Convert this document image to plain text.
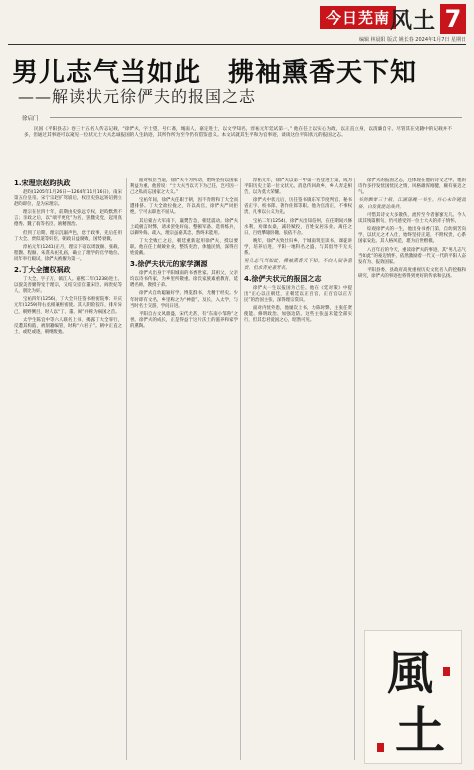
今日芜南 风土 7
编辑 林晨阳 版式 姚长春 2024年1月7日 星期日
男儿志气当如此　拂袖熏香天下知
——解读状元徐俨夫的报国之志
徐启门
民国《平阳县志》卷三十五名人传志记载，“徐俨夫，字士望，号仁斋，城南人，嘉定进士，以文学知名，淳祐元年廷试第一。” 他在任上以实心为政，以正直立身，以清廉自守。尽管其在史籍中的记载并不多，但通过其事迹可以窥见一位状元士大夫忠诚报国的人生轨迹，其所作所为至今仍有借鉴意义。本文试就其生平和为官事迹，谈谈这位平阳状元的报国之志。

1.宋理宗赵昀执政

赵昀(1205年1月26日—1264年11月16日)，南宋第五位皇帝。宋宁宗赵扩驾崩后，权臣史弥远矫诏拥立赵昀即位，是为宋理宗。

理宗在位四十年，前期由史弥远专权，赵昀默然不言；亲政之后，以“端平更化”为名，罢黜史党，起用真德秀、魏了翁等名臣，励精图治。

但到了后期，理宗沉溺声色，怠于政事，先后任用丁大全、贾似道等奸臣，朝政日益腐败，国势衰微。

淳祐元年(1241)正月，理宗下诏以周敦颐、张载、程颢、程颐、朱熹从祀孔庙，确立了理学的官学地位。同年举行殿试，徐俨夫被擢为第一。

2.丁大全擅权祸政

丁大全，字子万，镇江人。嘉熙二年(1238)进士。以貌美善媚得宠于理宗，又结交宦官董宋臣、阎贵妃等人，朋比为奸。

宝祐四年(1256)，丁大全升任签书枢密院事；开庆元年(1259)拜右丞相兼枢密使。其人阴险狡诈，排斥异己，朝野侧目，时人以“丁、董、阎”并称为祸国之首。

太学生陈宜中等六人联名上书，揭露丁大全罪行，反遭其构陷，被削籍编管，时称“六君子”。朝中正直之士，或贬或逐，朝纲废弛。

面对权臣当道，徐俨夫不为所动，始终坚持以国家利益为重。他曾说：“士大夫当以天下为己任，岂可因一己之私而忘国家之大义。”

宝祐年间，徐俨夫任职于朝，因不肯附和丁大全而遭排挤。丁大全欲拉拢之，许以高官，徐俨夫严词拒绝，宁可去职也不屈从。

其后蒙古大军南下，襄樊告急，朝廷震动。徐俨夫上疏极言时弊，请求罢免奸佞、整顿军备、选将练兵，以御外侮。疏入，理宗虽嘉其忠，然终未能用。

丁大全败亡之后，朝廷重新起用徐俨夫，授以要职。他在任上兢兢业业，整饬吏治，体恤民情，深得百姓爱戴。

3.徐俨夫状元的家学渊源

徐俨夫出身于平阳城南的书香世家。其祖父、父亲均以诗书传家，为乡里所敬重。徐氏家族素重教育，延聘名师，教授子弟。

徐俨夫自幼聪颖好学，博览群书，尤精于经史。少年时即有文名，乡里称之为“神童”。及长，入太学，与当时名士交游，学问日进。

平阳自古文风鼎盛，宋代尤甚，有“东南小邹鲁”之誉。徐俨夫的成长，正是得益于这片沃土的滋养和家学的熏陶。

淳祐元年，徐俨夫以第一甲第一名登进士第，成为平阳历史上第一位文状元。消息传回故乡，乡人奔走相告，以为莫大荣耀。

徐俨夫中状元后，历任签书镇东军节度判官、秘书省正字、校书郎、著作佐郎等职。他为官清正，不事权贵，凡事以公义为先。

宝祐二年(1254)，徐俨夫出知信州，在任期间兴修水利，劝课农桑，减轻赋役，百姓安居乐业。离任之日，百姓攀辕卧辙，依依不舍。

晚年，徐俨夫致仕归乡，于城南筑室读书，课徒讲学，培养后进，平阳一地科名之盛，与其倡导不无关系。

男儿志气当如此，拂袖熏香天下知。不向人间争富贵，但求青史著芳名。

4.徐俨夫状元的报国之志

徐俨夫一生以报国为己任。他在《廷对策》中提出“正心以正朝廷，正朝廷以正百官，正百官以正万民”的治国主张，深得理宗赏识。

面对内忧外患，他屡次上书，力陈时弊，主张任贤使能、修明政治、加强边防。这些主张虽未能全部实行，但其忠君爱国之心，昭然可见。

徐俨夫的报国之志，还体现在他的诗文之中。他的诗作多抒发忧国忧民之情，风格雄浑刚健，颇有豪迈之气。

书剑飘零三十载，江湖落魄一书生。丹心未许随流俗，白发犹能论战兵。

可惜其诗文大多散佚，流传至今者寥寥无几。今人读其残篇断句，仍可感受到一位士大夫的赤子情怀。

综观徐俨夫的一生，他出身书香门第，自幼刻苦向学，以状元之才入仕，始终坚持正道，不附权贵，心系国家安危。其人格风范，堪为后世楷模。

八百年后的今天，重读徐俨夫的事迹，其“男儿志气当如此”的豪迈情怀，依然激励着一代又一代的平阳人奋发有为、报效国家。

平阳县委、县政府高度重视历史文化名人的挖掘和研究，徐俨夫的事迹也将得到更好的传承和弘扬。

風
土
